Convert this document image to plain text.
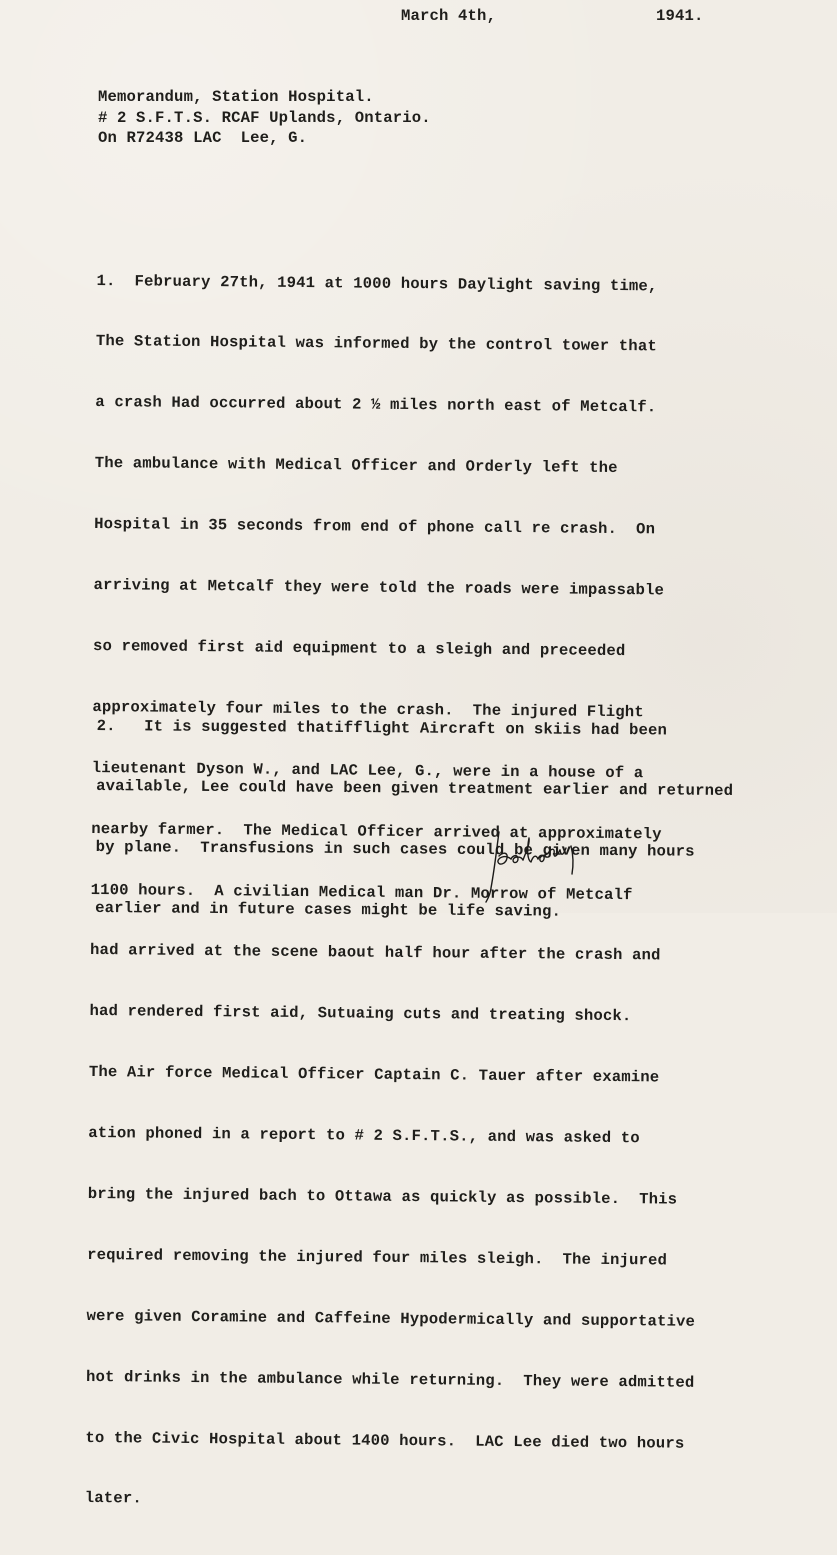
March 4th,	1941.
Memorandum, Station Hospital.
# 2 S.F.T.S. RCAF Uplands, Ontario.
On R72438 LAC  Lee, G.

1.  February 27th, 1941 at 1000 hours Daylight saving time,

The Station Hospital was informed by the control tower that

a crash Had occurred about 2 ½ miles north east of Metcalf.

The ambulance with Medical Officer and Orderly left the

Hospital in 35 seconds from end of phone call re crash.  On

arriving at Metcalf they were told the roads were impassable

so removed first aid equipment to a sleigh and preceeded

approximately four miles to the crash.  The injured Flight

lieutenant Dyson W., and LAC Lee, G., were in a house of a

nearby farmer.  The Medical Officer arrived at approximately

1100 hours.  A civilian Medical man Dr. Morrow of Metcalf

had arrived at the scene baout half hour after the crash and

had rendered first aid, Sutuaing cuts and treating shock.

The Air force Medical Officer Captain C. Tauer after examine

ation phoned in a report to # 2 S.F.T.S., and was asked to

bring the injured bach to Ottawa as quickly as possible.  This

required removing the injured four miles sleigh.  The injured

were given Coramine and Caffeine Hypodermically and supportative

hot drinks in the ambulance while returning.  They were admitted

to the Civic Hospital about 1400 hours.  LAC Lee died two hours

later.

2.   It is suggested thatifflight Aircraft on skiis had been

available, Lee could have been given treatment earlier and returned

by plane.  Transfusions in such cases could be given many hours

earlier and in future cases might be life saving.
